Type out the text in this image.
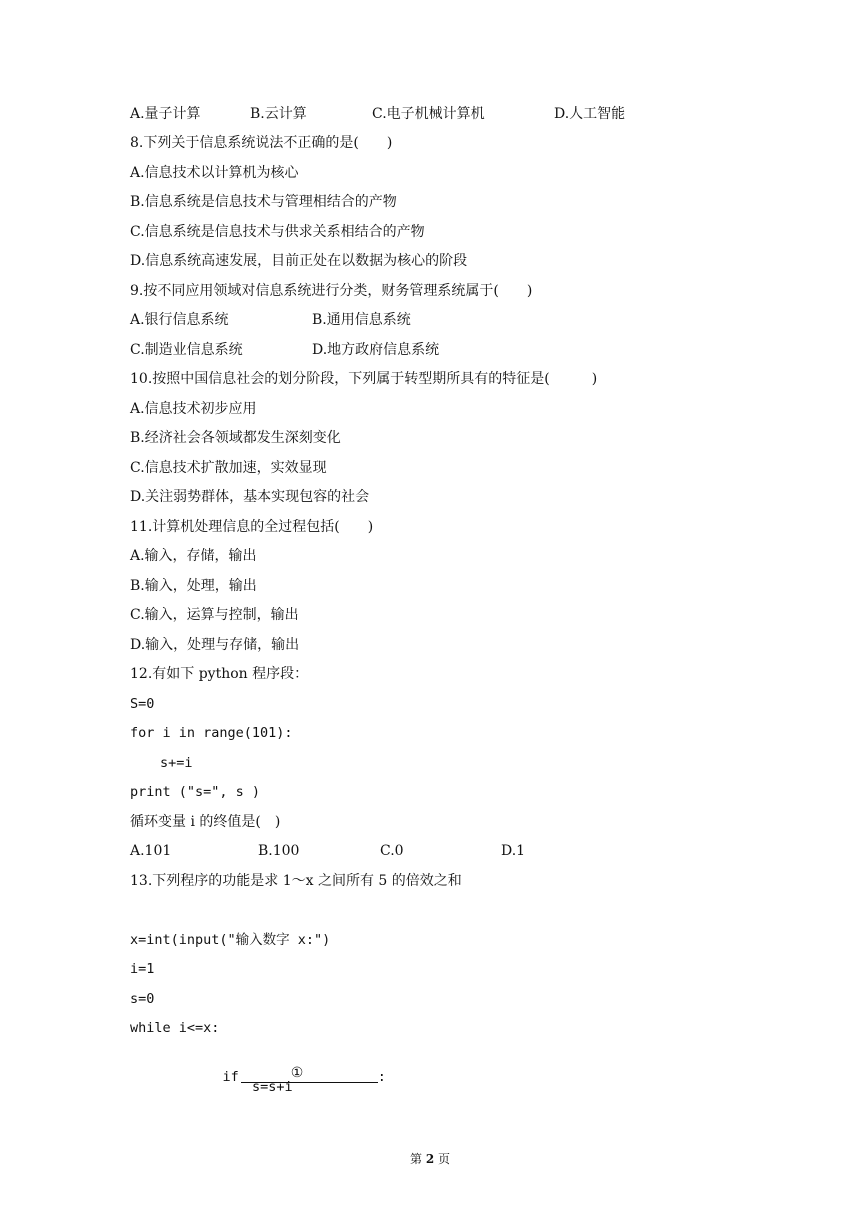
A.量子计算	B.云计算	C.电子机械计算机	D.人工智能
8.下列关于信息系统说法不正确的是(　　)
A.信息技术以计算机为核心
B.信息系统是信息技术与管理相结合的产物
C.信息系统是信息技术与供求关系相结合的产物
D.信息系统高速发展，目前正处在以数据为核心的阶段
9.按不同应用领域对信息系统进行分类，财务管理系统属于(　　)
A.银行信息系统	B.通用信息系统
C.制造业信息系统	D.地方政府信息系统
10.按照中国信息社会的划分阶段，下列属于转型期所具有的特征是(　　　)
A.信息技术初步应用
B.经济社会各领域都发生深刻变化
C.信息技术扩散加速，实效显现
D.关注弱势群体，基本实现包容的社会
11.计算机处理信息的全过程包括(　　)
A.输入，存储，输出
B.输入，处理，输出
C.输入，运算与控制，输出
D.输入，处理与存储，输出
12.有如下 python 程序段：
S=0
for i in range(101):
s+=i
print ("s=", s )
循环变量 i 的终值是(　)
A.101	B.100	C.0	D.1
13.下列程序的功能是求 1～x 之间所有 5 的倍效之和
x=int(input("输入数字 x:")
i=1
s=0
while i<=x:

if	①	:

s=s+i
第 2 页
